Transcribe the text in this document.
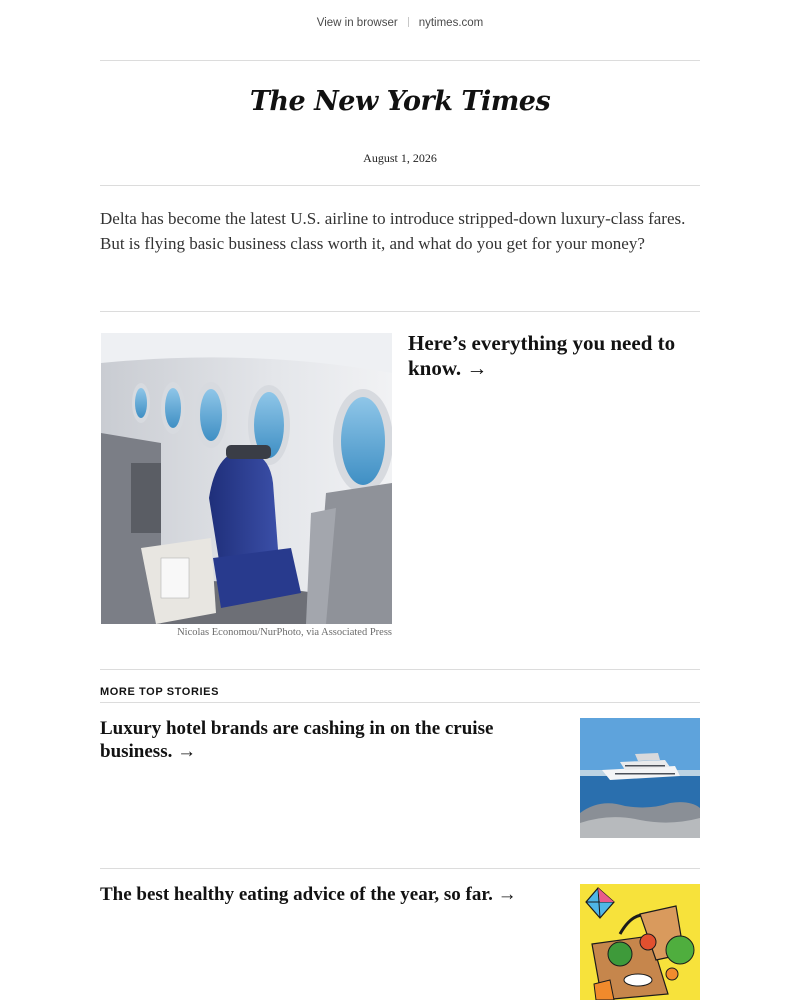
View in browser nytimes.com
The New York Times
August 1, 2026
Delta has become the latest U.S. airline to introduce stripped-down luxury-class fares. But is flying basic business class worth it, and what do you get for your money?
Nicolas Economou/NurPhoto, via Associated Press
Here’s everything you need to know. →
MORE TOP STORIES
Luxury hotel brands are cashing in on the cruise business. →
The best healthy eating advice of the year, so far. →
